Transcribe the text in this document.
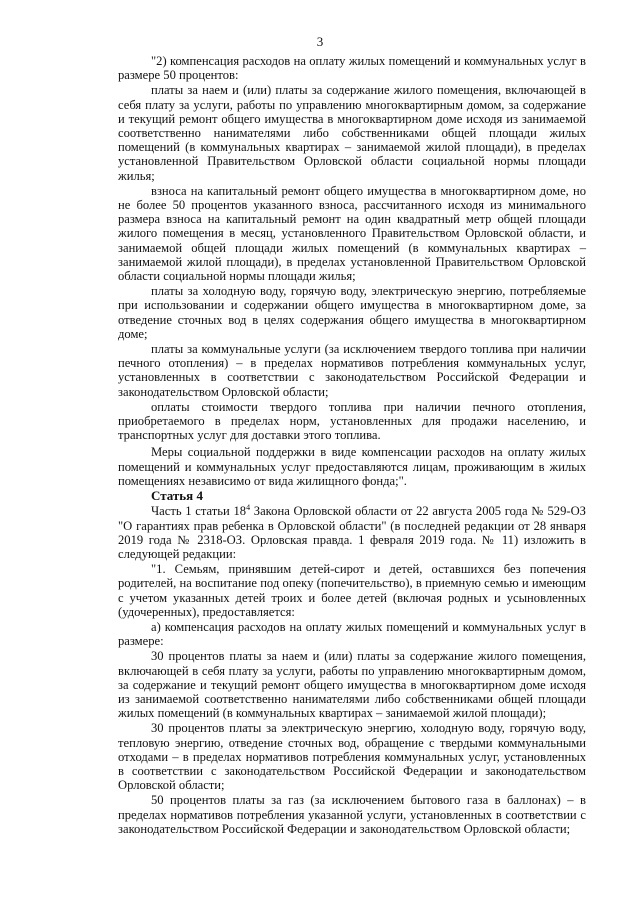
3

"2) компенсация расходов на оплату жилых помещений и коммунальных услуг в размере 50 процентов:

платы за наем и (или) платы за содержание жилого помещения, включающей в себя плату за услуги, работы по управлению многоквартирным домом, за содержание и текущий ремонт общего имущества в многоквартирном доме исходя из занимаемой соответственно нанимателями либо собственниками общей площади жилых помещений (в коммунальных квартирах – занимаемой жилой площади), в пределах установленной Правительством Орловской области социальной нормы площади жилья;

взноса на капитальный ремонт общего имущества в многоквартирном доме, но не более 50 процентов указанного взноса, рассчитанного исходя из минимального размера взноса на капитальный ремонт на один квадратный метр общей площади жилого помещения в месяц, установленного Правительством Орловской области, и занимаемой общей площади жилых помещений (в коммунальных квартирах – занимаемой жилой площади), в пределах установленной Правительством Орловской области социальной нормы площади жилья;

платы за холодную воду, горячую воду, электрическую энергию, потребляемые при использовании и содержании общего имущества в многоквартирном доме, за отведение сточных вод в целях содержания общего имущества в многоквартирном доме;

платы за коммунальные услуги (за исключением твердого топлива при наличии печного отопления) – в пределах нормативов потребления коммунальных услуг, установленных в соответствии с законодательством Российской Федерации и законодательством Орловской области;

оплаты стоимости твердого топлива при наличии печного отопления, приобретаемого в пределах норм, установленных для продажи населению, и транспортных услуг для доставки этого топлива.

Меры социальной поддержки в виде компенсации расходов на оплату жилых помещений и коммунальных услуг предоставляются лицам, проживающим в жилых помещениях независимо от вида жилищного фонда;".

Статья 4

Часть 1 статьи $18^4$ Закона Орловской области от 22 августа 2005 года № 529-ОЗ "О гарантиях прав ребенка в Орловской области" (в последней редакции от 28 января 2019 года № 2318-ОЗ. Орловская правда. 1 февраля 2019 года. № 11) изложить в следующей редакции:

"1. Семьям, принявшим детей-сирот и детей, оставшихся без попечения родителей, на воспитание под опеку (попечительство), в приемную семью и имеющим с учетом указанных детей троих и более детей (включая родных и усыновленных (удочеренных), предоставляется:

а) компенсация расходов на оплату жилых помещений и коммунальных услуг в размере:

30 процентов платы за наем и (или) платы за содержание жилого помещения, включающей в себя плату за услуги, работы по управлению многоквартирным домом, за содержание и текущий ремонт общего имущества в многоквартирном доме исходя из занимаемой соответственно нанимателями либо собственниками общей площади жилых помещений (в коммунальных квартирах – занимаемой жилой площади);

30 процентов платы за электрическую энергию, холодную воду, горячую воду, тепловую энергию, отведение сточных вод, обращение с твердыми коммунальными отходами – в пределах нормативов потребления коммунальных услуг, установленных в соответствии с законодательством Российской Федерации и законодательством Орловской области;

50 процентов платы за газ (за исключением бытового газа в баллонах) – в пределах нормативов потребления указанной услуги, установленных в соответствии с законодательством Российской Федерации и законодательством Орловской области;
